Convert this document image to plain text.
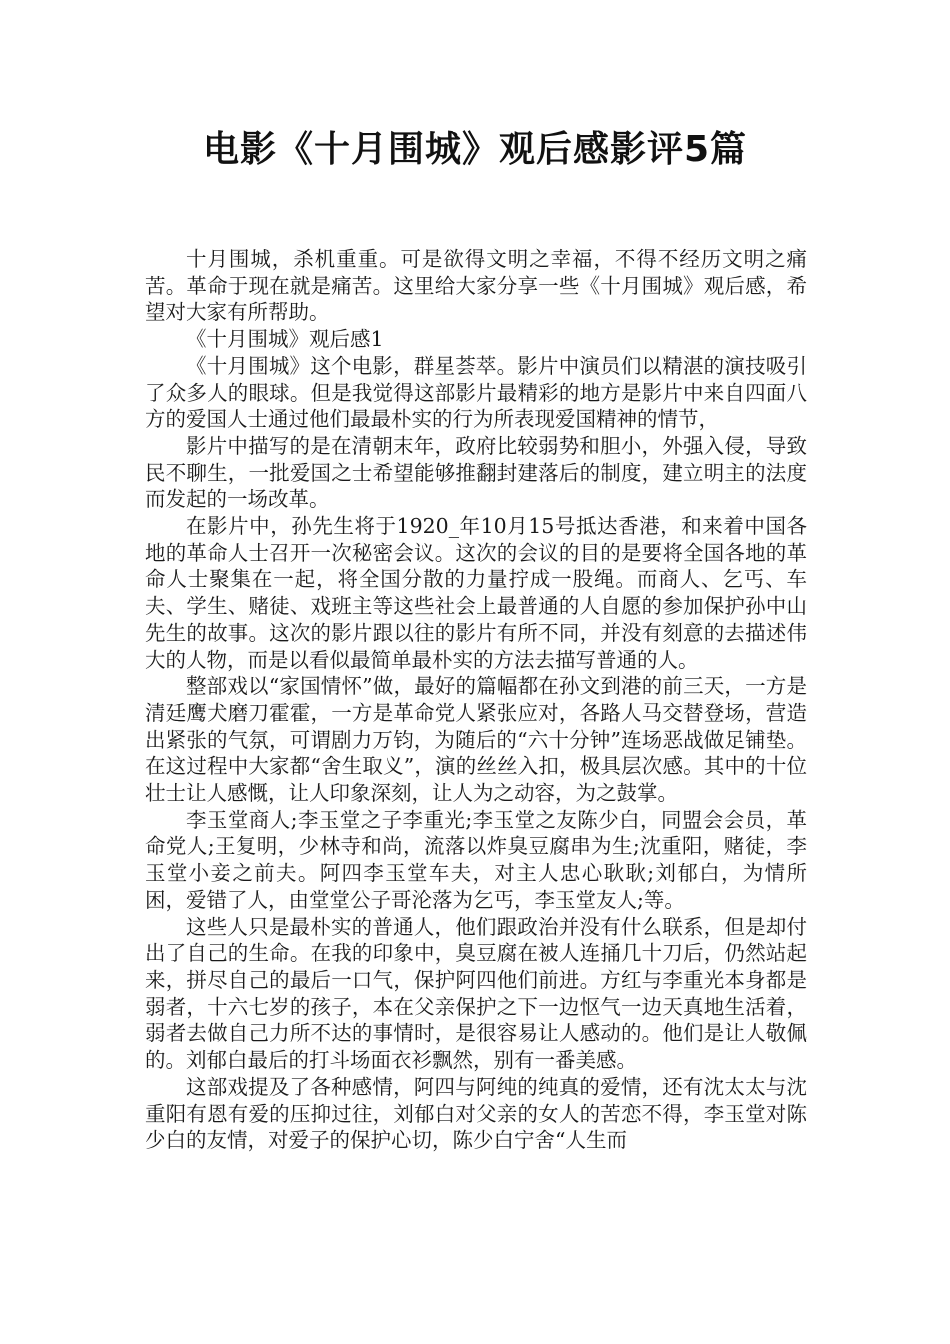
电影《十月围城》观后感影评5篇

十月围城，杀机重重。可是欲得文明之幸福，不得不经历文明之痛苦。革命于现在就是痛苦。这里给大家分享一些《十月围城》观后感，希望对大家有所帮助。

《十月围城》观后感1

《十月围城》这个电影，群星荟萃。影片中演员们以精湛的演技吸引了众多人的眼球。但是我觉得这部影片最精彩的地方是影片中来自四面八方的爱国人士通过他们最最朴实的行为所表现爱国精神的情节，

影片中描写的是在清朝末年，政府比较弱势和胆小，外强入侵，导致民不聊生，一批爱国之士希望能够推翻封建落后的制度，建立明主的法度而发起的一场改革。

在影片中，孙先生将于1920_年10月15号抵达香港，和来着中国各地的革命人士召开一次秘密会议。这次的会议的目的是要将全国各地的革命人士聚集在一起，将全国分散的力量拧成一股绳。而商人、乞丐、车夫、学生、赌徒、戏班主等这些社会上最普通的人自愿的参加保护孙中山先生的故事。这次的影片跟以往的影片有所不同，并没有刻意的去描述伟大的人物，而是以看似最简单最朴实的方法去描写普通的人。

整部戏以“家国情怀”做，最好的篇幅都在孙文到港的前三天，一方是清廷鹰犬磨刀霍霍，一方是革命党人紧张应对，各路人马交替登场，营造出紧张的气氛，可谓剧力万钧，为随后的“六十分钟”连场恶战做足铺垫。在这过程中大家都“舍生取义”，演的丝丝入扣，极具层次感。其中的十位壮士让人感慨，让人印象深刻，让人为之动容，为之鼓掌。

李玉堂商人;李玉堂之子李重光;李玉堂之友陈少白，同盟会会员，革命党人;王复明，少林寺和尚，流落以炸臭豆腐串为生;沈重阳，赌徒，李玉堂小妾之前夫。阿四李玉堂车夫，对主人忠心耿耿;刘郁白，为情所困，爱错了人，由堂堂公子哥沦落为乞丐，李玉堂友人;等。

这些人只是最朴实的普通人，他们跟政治并没有什么联系，但是却付出了自己的生命。在我的印象中，臭豆腐在被人连捅几十刀后，仍然站起来，拼尽自己的最后一口气，保护阿四他们前进。方红与李重光本身都是弱者，十六七岁的孩子，本在父亲保护之下一边怄气一边天真地生活着，弱者去做自己力所不达的事情时，是很容易让人感动的。他们是让人敬佩的。刘郁白最后的打斗场面衣衫飘然，别有一番美感。

这部戏提及了各种感情，阿四与阿纯的纯真的爱情，还有沈太太与沈重阳有恩有爱的压抑过往，刘郁白对父亲的女人的苦恋不得，李玉堂对陈少白的友情，对爱子的保护心切，陈少白宁舍“人生而
